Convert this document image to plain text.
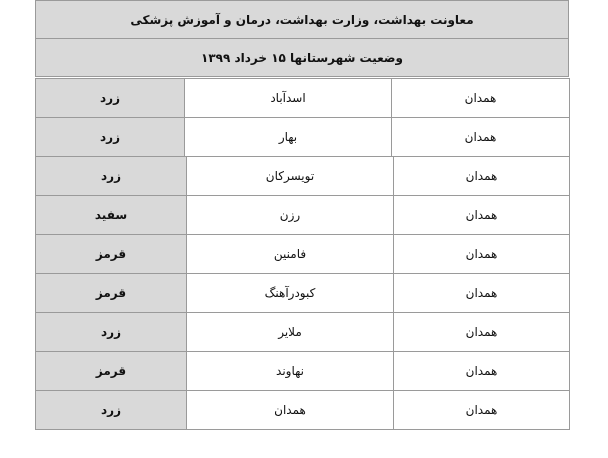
معاونت بهداشت، وزارت بهداشت، درمان و آموزش پزشکی
وضعیت شهرستانها ۱۵ خرداد ۱۳۹۹
همدان	اسدآباد	زرد
همدان	بهار	زرد
همدان	تویسرکان	زرد
همدان	رزن	سفید
همدان	فامنین	قرمز
همدان	کبودرآهنگ	قرمز
همدان	ملایر	زرد
همدان	نهاوند	قرمز
همدان	همدان	زرد
